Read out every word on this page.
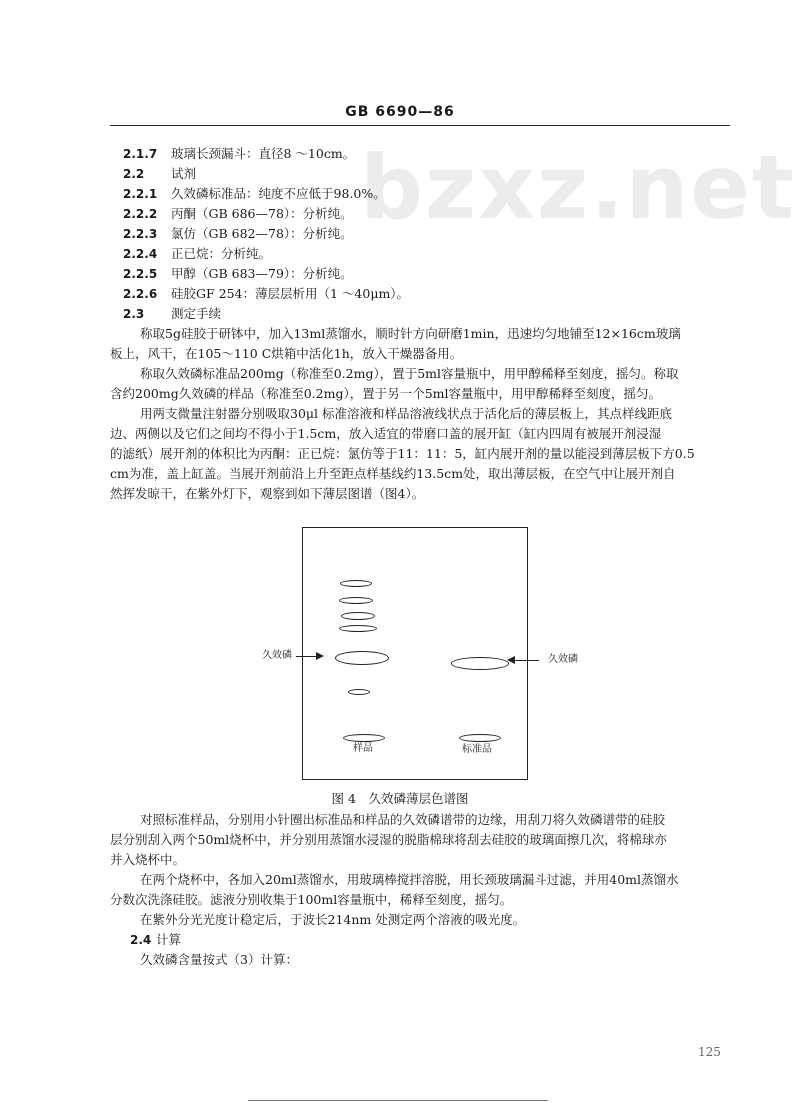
bzxz.net
GB 6690—86
2.1.7 玻璃长颈漏斗：直径8 ～10cm。
2.2 试剂
2.2.1 久效磷标准品：纯度不应低于98.0%。
2.2.2 丙酮（GB 686—78）：分析纯。
2.2.3 氯仿（GB 682—78）：分析纯。
2.2.4 正已烷：分析纯。
2.2.5 甲醇（GB 683—79）：分析纯。
2.2.6 硅胶GF 254：薄层层析用（1 ～40μm）。
2.3 测定手续
称取5g硅胶于研钵中，加入13ml蒸馏水，顺时针方向研磨1min，迅速均匀地铺至12×16cm玻璃
板上，风干，在105～110 C烘箱中活化1h，放入干燥器备用。
称取久效磷标准品200mg（称准至0.2mg），置于5ml容量瓶中，用甲醇稀释至刻度，摇匀。称取
含约200mg久效磷的样品（称准至0.2mg），置于另一个5ml容量瓶中，用甲醇稀释至刻度，摇匀。
用两支微量注射器分别吸取30μl 标准溶液和样品溶液线状点于活化后的薄层板上，其点样线距底
边、两侧以及它们之间均不得小于1.5cm，放入适宜的带磨口盖的展开缸（缸内四周有被展开剂浸湿
的滤纸）展开剂的体积比为丙酮：正已烷：氯仿等于11：11：5，缸内展开剂的量以能浸到薄层板下方0.5
cm为准，盖上缸盖。当展开剂前沿上升至距点样基线约13.5cm处，取出薄层板，在空气中让展开剂自
然挥发晾干，在紫外灯下，观察到如下薄层图谱（图4）。
样品	标准品
久效磷	久效磷
图 4　久效磷薄层色谱图
对照标准样品，分别用小针圈出标准品和样品的久效磷谱带的边缘，用刮刀将久效磷谱带的硅胶
层分别刮入两个50ml烧杯中，并分别用蒸馏水浸湿的脱脂棉球将刮去硅胶的玻璃面擦几次，将棉球亦
并入烧杯中。
在两个烧杯中，各加入20ml蒸馏水，用玻璃棒搅拌溶脱，用长颈玻璃漏斗过滤，并用40ml蒸馏水
分数次洗涤硅胶。滤液分别收集于100ml容量瓶中，稀释至刻度，摇匀。
在紫外分光光度计稳定后，于波长214nm 处测定两个溶液的吸光度。
2.4 计算
久效磷含量按式（3）计算：
125
